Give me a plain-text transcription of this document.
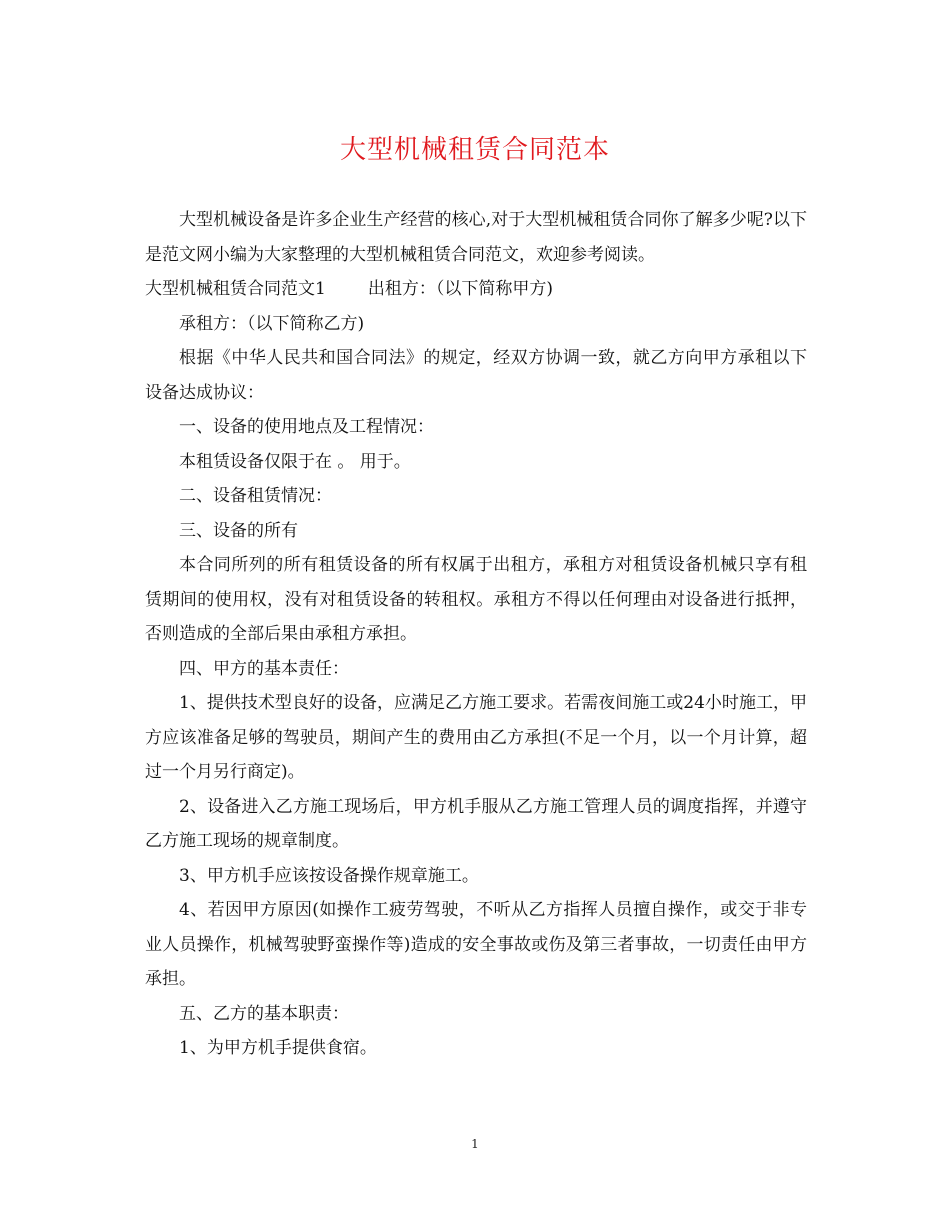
大型机械租赁合同范本

大型机械设备是许多企业生产经营的核心,对于大型机械租赁合同你了解多少呢?以下是范文网小编为大家整理的大型机械租赁合同范文，欢迎参考阅读。

大型机械租赁合同范文1 出租方：（以下简称甲方)

承租方：（以下简称乙方)

根据《中华人民共和国合同法》的规定，经双方协调一致，就乙方向甲方承租以下设备达成协议：

一、设备的使用地点及工程情况：

本租赁设备仅限于在 。 用于。

二、设备租赁情况：

三、设备的所有

本合同所列的所有租赁设备的所有权属于出租方，承租方对租赁设备机械只享有租赁期间的使用权，没有对租赁设备的转租权。承租方不得以任何理由对设备进行抵押，否则造成的全部后果由承租方承担。

四、甲方的基本责任：

1、提供技术型良好的设备，应满足乙方施工要求。若需夜间施工或24小时施工，甲方应该准备足够的驾驶员，期间产生的费用由乙方承担(不足一个月，以一个月计算，超过一个月另行商定)。

2、设备进入乙方施工现场后，甲方机手服从乙方施工管理人员的调度指挥，并遵守乙方施工现场的规章制度。

3、甲方机手应该按设备操作规章施工。

4、若因甲方原因(如操作工疲劳驾驶，不听从乙方指挥人员擅自操作，或交于非专业人员操作，机械驾驶野蛮操作等)造成的安全事故或伤及第三者事故，一切责任由甲方承担。

五、乙方的基本职责：

1、为甲方机手提供食宿。

1
